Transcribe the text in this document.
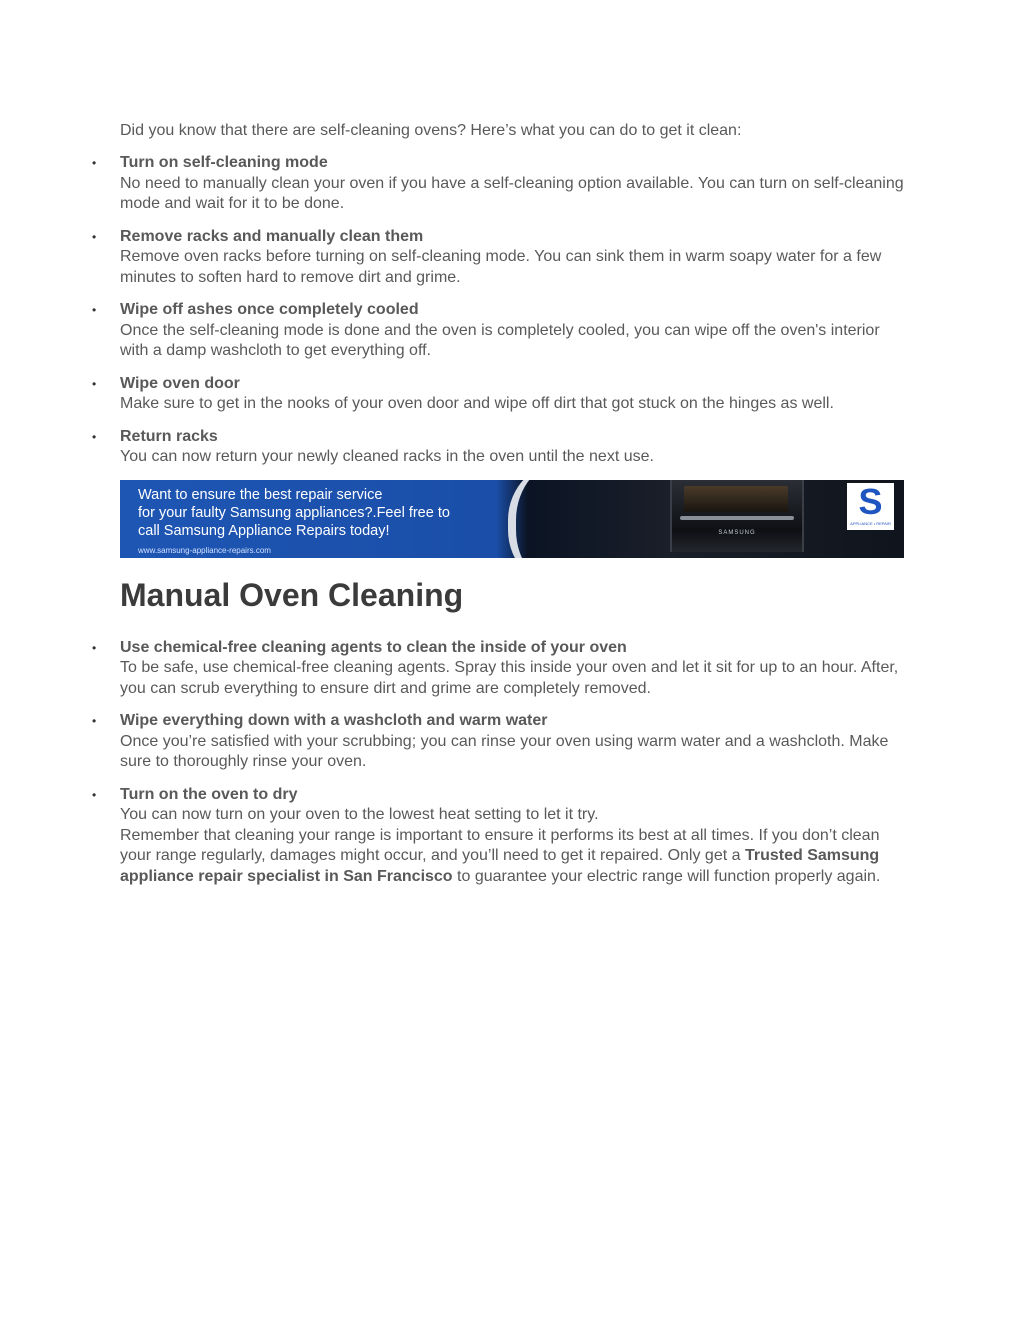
Did you know that there are self-cleaning ovens? Here’s what you can do to get it clean:

• Turn on self-cleaning mode
No need to manually clean your oven if you have a self-cleaning option available. You can turn on self-cleaning mode and wait for it to be done.
• Remove racks and manually clean them
Remove oven racks before turning on self-cleaning mode. You can sink them in warm soapy water for a few minutes to soften hard to remove dirt and grime.
• Wipe off ashes once completely cooled
Once the self-cleaning mode is done and the oven is completely cooled, you can wipe off the oven's interior with a damp washcloth to get everything off.
• Wipe oven door
Make sure to get in the nooks of your oven door and wipe off dirt that got stuck on the hinges as well.
• Return racks
You can now return your newly cleaned racks in the oven until the next use.
Want to ensure the best repair service
for your faulty Samsung appliances?.Feel free to
call Samsung Appliance Repairs today!
www.samsung-appliance-repairs.com
SAMSUNG
S
APPLIANCE • REPAIR
Manual Oven Cleaning
• Use chemical-free cleaning agents to clean the inside of your oven
To be safe, use chemical-free cleaning agents. Spray this inside your oven and let it sit for up to an hour. After, you can scrub everything to ensure dirt and grime are completely removed.
• Wipe everything down with a washcloth and warm water
Once you’re satisfied with your scrubbing; you can rinse your oven using warm water and a washcloth. Make sure to thoroughly rinse your oven.
• Turn on the oven to dry
You can now turn on your oven to the lowest heat setting to let it try.
Remember that cleaning your range is important to ensure it performs its best at all times. If you don’t clean your range regularly, damages might occur, and you’ll need to get it repaired. Only get a Trusted Samsung appliance repair specialist in San Francisco to guarantee your electric range will function properly again.
